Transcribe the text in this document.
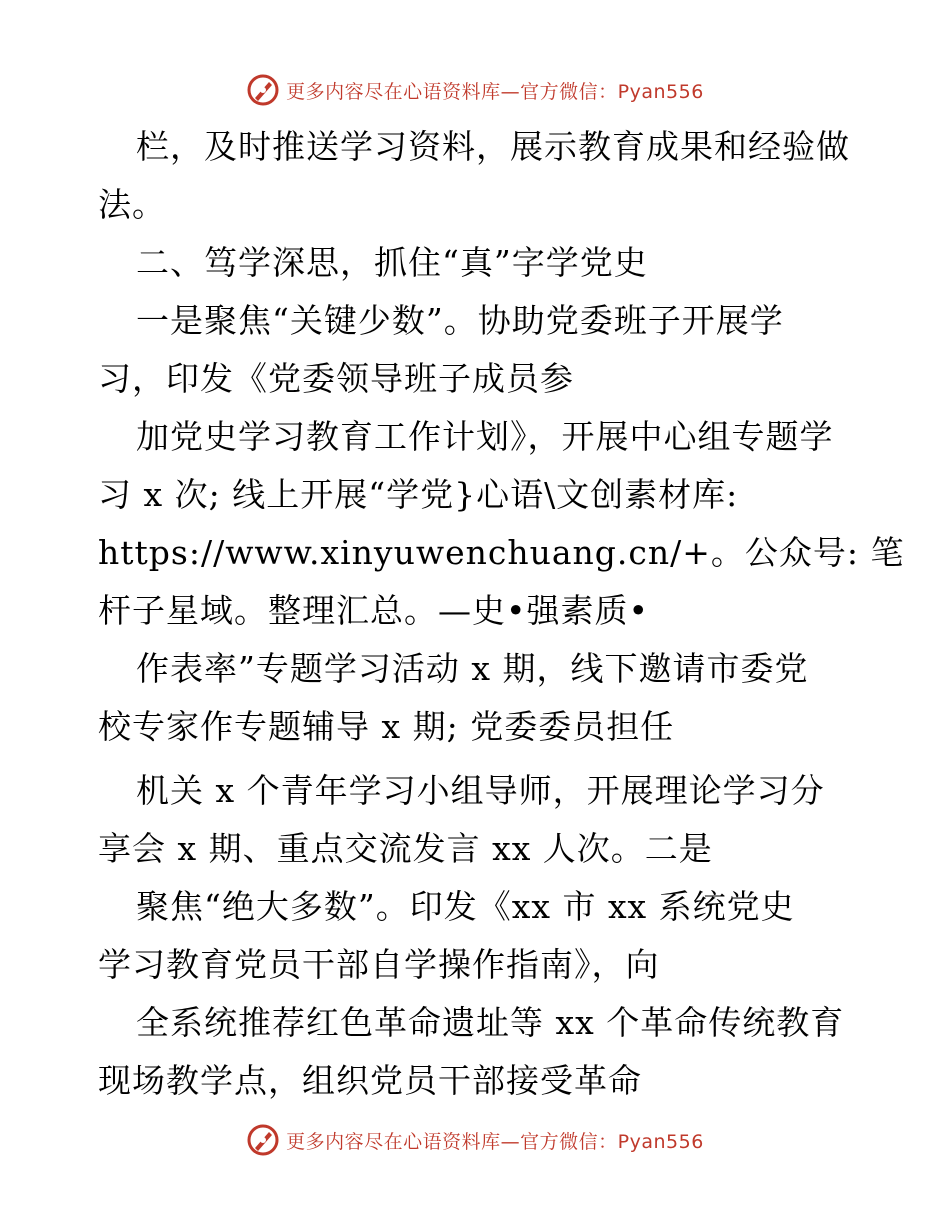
更多内容尽在心语资料库—官方微信：Pyan556
栏，及时推送学习资料，展示教育成果和经验做
法。
二、笃学深思，抓住“真”字学党史
一是聚焦“关键少数”。协助党委班子开展学
习，印发《党委领导班子成员参
加党史学习教育工作计划》，开展中心组专题学
习 x 次; 线上开展“学党}心语\文创素材库:
https://www.xinyuwenchuang.cn/+。公众号: 笔
杆子星域。整理汇总。—史•强素质•
作表率”专题学习活动 x 期，线下邀请市委党
校专家作专题辅导 x 期; 党委委员担任
机关 x 个青年学习小组导师，开展理论学习分
享会 x 期、重点交流发言 xx 人次。二是
聚焦“绝大多数”。印发《xx 市 xx 系统党史
学习教育党员干部自学操作指南》，向
全系统推荐红色革命遗址等 xx 个革命传统教育
现场教学点，组织党员干部接受革命
更多内容尽在心语资料库—官方微信：Pyan556
